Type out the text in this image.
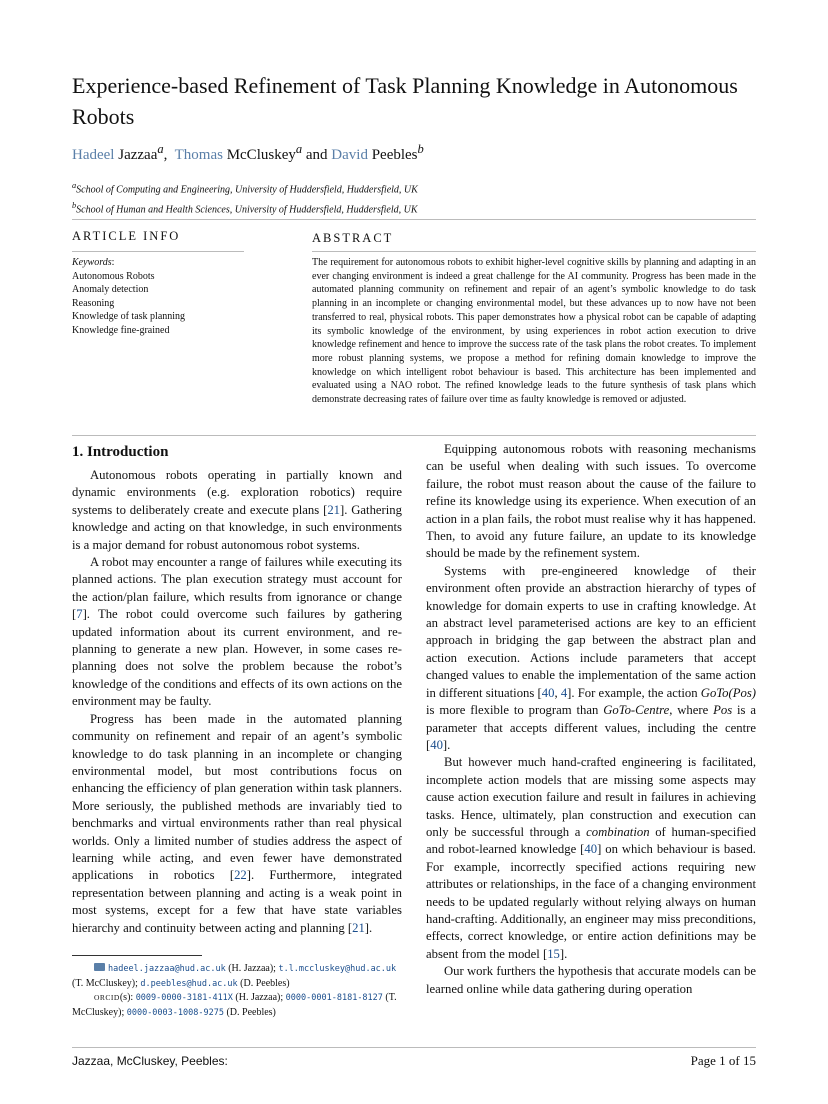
Experience-based Refinement of Task Planning Knowledge in Autonomous Robots
Hadeel Jazzaa$^a$,  Thomas McCluskey$^a$ and David Peebles$^b$
$^a$School of Computing and Engineering, University of Huddersfield, Huddersfield, UK
$^b$School of Human and Health Sciences, University of Huddersfield, Huddersfield, UK
ARTICLE INFO
Keywords:
Autonomous Robots
Anomaly detection
Reasoning
Knowledge of task planning
Knowledge fine-grained
ABSTRACT
The requirement for autonomous robots to exhibit higher-level cognitive skills by planning and adapting in an ever changing environment is indeed a great challenge for the AI community. Progress has been made in the automated planning community on refinement and repair of an agent’s symbolic knowledge to do task planning in an incomplete or changing environmental model, but these advances up to now have not been transferred to real, physical robots. This paper demonstrates how a physical robot can be capable of adapting its symbolic knowledge of the environment, by using experiences in robot action execution to drive knowledge refinement and hence to improve the success rate of the task plans the robot creates. To implement more robust planning systems, we propose a method for refining domain knowledge to improve the knowledge on which intelligent robot behaviour is based. This architecture has been implemented and evaluated using a NAO robot. The refined knowledge leads to the future synthesis of task plans which demonstrate decreasing rates of failure over time as faulty knowledge is removed or adjusted.
1. Introduction

Autonomous robots operating in partially known and dynamic environments (e.g. exploration robotics) require systems to deliberately create and execute plans [21]. Gathering knowledge and acting on that knowledge, in such environments is a major demand for robust autonomous robot systems.

A robot may encounter a range of failures while executing its planned actions. The plan execution strategy must account for the action/plan failure, which results from ignorance or change [7]. The robot could overcome such failures by gathering updated information about its current environment, and re-planning to generate a new plan. However, in some cases re-planning does not solve the problem because the robot’s knowledge of the conditions and effects of its own actions on the environment may be faulty.

Progress has been made in the automated planning community on refinement and repair of an agent’s symbolic knowledge to do task planning in an incomplete or changing environmental model, but most contributions focus on enhancing the efficiency of plan generation within task planners. More seriously, the published methods are invariably tied to benchmarks and virtual environments rather than real physical worlds. Only a limited number of studies address the aspect of learning while acting, and even fewer have demonstrated applications in robotics [22]. Furthermore, integrated representation between planning and acting is a weak point in most systems, except for a few that have state variables hierarchy and continuity between acting and planning [21].

hadeel.jazzaa@hud.ac.uk (H. Jazzaa); t.l.mccluskey@hud.ac.uk (T. McCluskey); d.peebles@hud.ac.uk (D. Peebles)
ORCID(s): 0009-0000-3181-411X (H. Jazzaa); 0000-0001-8181-8127 (T. McCluskey); 0000-0003-1008-9275 (D. Peebles)

Equipping autonomous robots with reasoning mechanisms can be useful when dealing with such issues. To overcome failure, the robot must reason about the cause of the failure to refine its knowledge using its experience. When execution of an action in a plan fails, the robot must realise why it has happened. Then, to avoid any future failure, an update to its knowledge should be made by the refinement system.

Systems with pre-engineered knowledge of their environment often provide an abstraction hierarchy of types of knowledge for domain experts to use in crafting knowledge. At an abstract level parameterised actions are key to an efficient approach in bridging the gap between the abstract plan and action execution. Actions include parameters that accept changed values to enable the implementation of the same action in different situations [40, 4]. For example, the action GoTo(Pos) is more flexible to program than GoTo-Centre, where Pos is a parameter that accepts different values, including the centre [40].

But however much hand-crafted engineering is facilitated, incomplete action models that are missing some aspects may cause action execution failure and result in failures in achieving tasks. Hence, ultimately, plan construction and execution can only be successful through a combination of human-specified and robot-learned knowledge [40] on which behaviour is based. For example, incorrectly specified actions requiring new attributes or relationships, in the face of a changing environment needs to be updated regularly without relying always on human hand-crafting. Additionally, an engineer may miss preconditions, effects, correct knowledge, or entire action definitions may be absent from the model [15].

Our work furthers the hypothesis that accurate models can be learned online while data gathering during operation

Jazzaa, McCluskey, Peebles:	Page 1 of 15
